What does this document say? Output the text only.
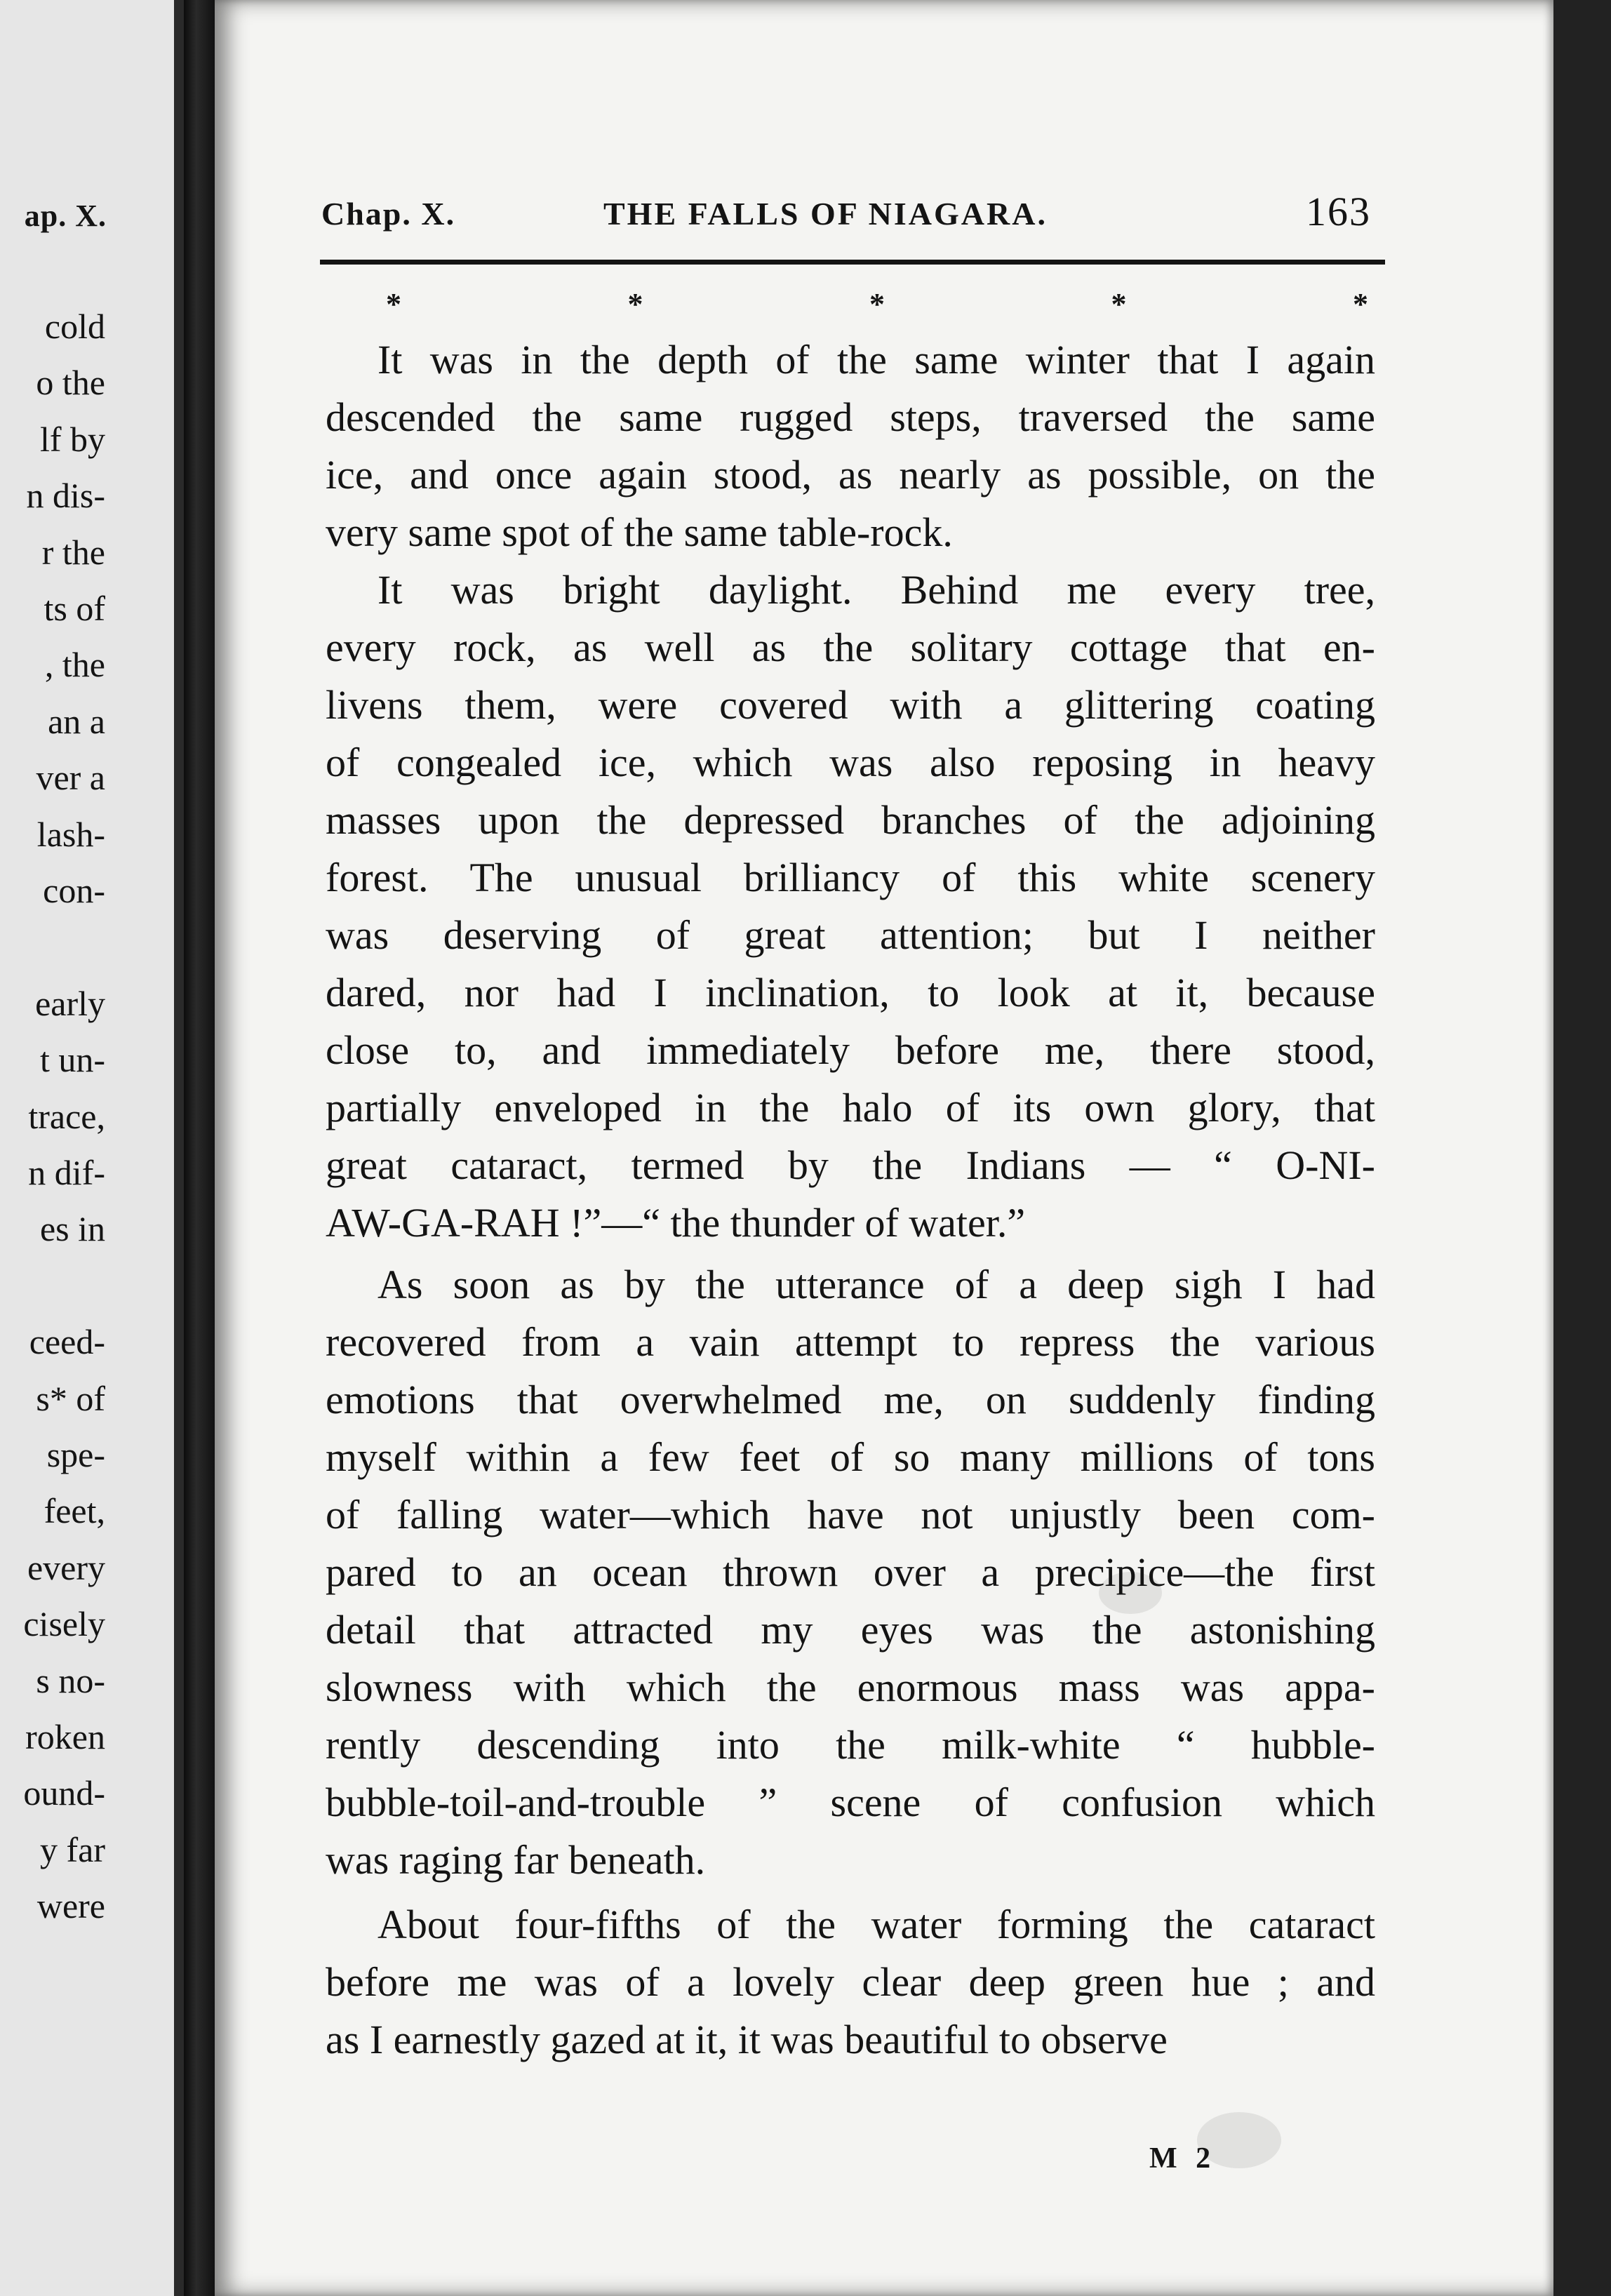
ap. X.
cold
o the
lf by
n dis-
r the
ts of
, the
an a
ver a
lash-
con-
early
t un-
trace,
n dif-
es in
ceed-
s* of
spe-
feet,
every
cisely
s no-
roken
ound-
y far
were
Chap. X.	THE FALLS OF NIAGARA.	163
*	*	*	*	*
It was in the depth of the same winter that I again
descended the same rugged steps, traversed the same
ice, and once again stood, as nearly as possible, on the
very same spot of the same table-rock.
It was bright daylight. Behind me every tree,
every rock, as well as the solitary cottage that en-
livens them, were covered with a glittering coating
of congealed ice, which was also reposing in heavy
masses upon the depressed branches of the adjoining
forest. The unusual brilliancy of this white scenery
was deserving of great attention; but I neither
dared, nor had I inclination, to look at it, because
close to, and immediately before me, there stood,
partially enveloped in the halo of its own glory, that
great cataract, termed by the Indians — “ O-NI-
AW-GA-RAH !”—“ the thunder of water.”
As soon as by the utterance of a deep sigh I had
recovered from a vain attempt to repress the various
emotions that overwhelmed me, on suddenly finding
myself within a few feet of so many millions of tons
of falling water—which have not unjustly been com-
pared to an ocean thrown over a precipice—the first
detail that attracted my eyes was the astonishing
slowness with which the enormous mass was appa-
rently descending into the milk-white “ hubble-
bubble-toil-and-trouble ” scene of confusion which
was raging far beneath.
About four-fifths of the water forming the cataract
before me was of a lovely clear deep green hue ; and
as I earnestly gazed at it, it was beautiful to observe
M 2
